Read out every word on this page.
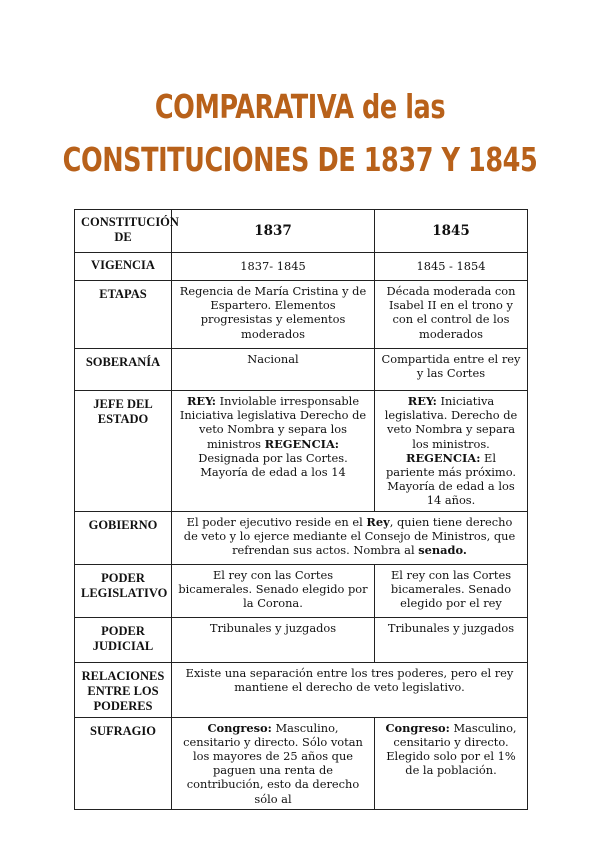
COMPARATIVA de las
CONSTITUCIONES DE 1837 Y 1845
CONSTITUCIÓN DE	1837	1845
VIGENCIA	1837- 1845	1845 - 1854
ETAPAS	Regencia de María Cristina y de Espartero. Elementos progresistas y elementos moderados	Década moderada con Isabel II en el trono y con el control de los moderados
SOBERANÍA	Nacional	Compartida entre el rey y las Cortes
JEFE DEL ESTADO	REY: Inviolable irresponsable Iniciativa legislativa Derecho de veto Nombra y separa los ministros REGENCIA: Designada por las Cortes. Mayoría de edad a los 14	REY: Iniciativa legislativa. Derecho de veto Nombra y separa los ministros. REGENCIA: El pariente más próximo. Mayoría de edad a los 14 años.
GOBIERNO	El poder ejecutivo reside en el Rey, quien tiene derecho de veto y lo ejerce mediante el Consejo de Ministros, que refrendan sus actos. Nombra al senado.	
PODER LEGISLATIVO	El rey con las Cortes bicamerales. Senado elegido por la Corona.	El rey con las Cortes bicamerales. Senado elegido por el rey
PODER JUDICIAL	Tribunales y juzgados	Tribunales y juzgados
RELACIONES ENTRE LOS PODERES	Existe una separación entre los tres poderes, pero el rey mantiene el derecho de veto legislativo.	
SUFRAGIO	Congreso: Masculino, censitario y directo. Sólo votan los mayores de 25 años que paguen una renta de contribución, esto da derecho sólo al	Congreso: Masculino, censitario y directo. Elegido solo por el 1% de la población.
